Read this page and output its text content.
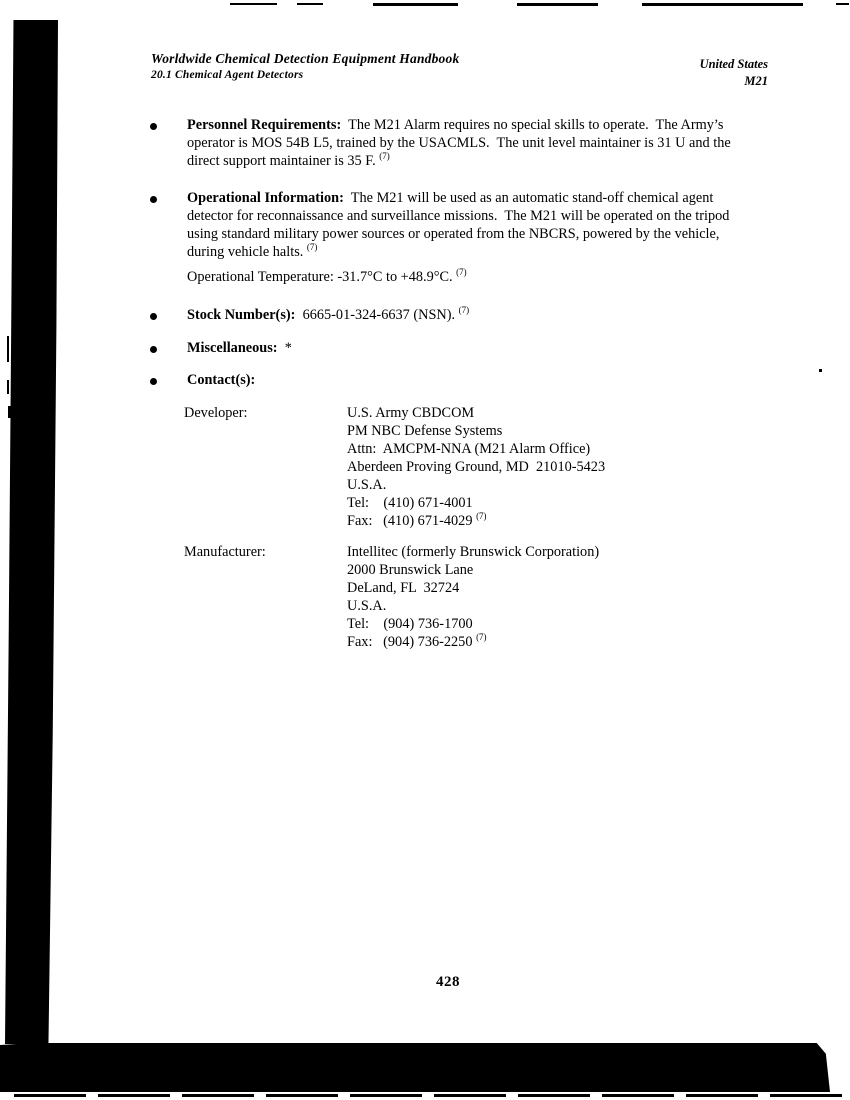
Worldwide Chemical Detection Equipment Handbook
20.1 Chemical Agent Detectors
United States
M21
Personnel Requirements:  The M21 Alarm requires no special skills to operate.  The Army’s
operator is MOS 54B L5, trained by the USACMLS.  The unit level maintainer is 31 U and the
direct support maintainer is 35 F. $^{(7)}$
Operational Information:  The M21 will be used as an automatic stand-off chemical agent
detector for reconnaissance and surveillance missions.  The M21 will be operated on the tripod
using standard military power sources or operated from the NBCRS, powered by the vehicle,
during vehicle halts. $^{(7)}$
Operational Temperature: -31.7°C to +48.9°C. $^{(7)}$
Stock Number(s):  6665-01-324-6637 (NSN). $^{(7)}$
Miscellaneous:  *
Contact(s):
Developer:	U.S. Army CBDCOM
PM NBC Defense Systems
Attn:  AMCPM-NNA (M21 Alarm Office)
Aberdeen Proving Ground, MD  21010-5423
U.S.A.
Tel:    (410) 671-4001
Fax:   (410) 671-4029 $^{(7)}$
Manufacturer:	Intellitec (formerly Brunswick Corporation)
2000 Brunswick Lane
DeLand, FL  32724
U.S.A.
Tel:    (904) 736-1700
Fax:   (904) 736-2250 $^{(7)}$
428
